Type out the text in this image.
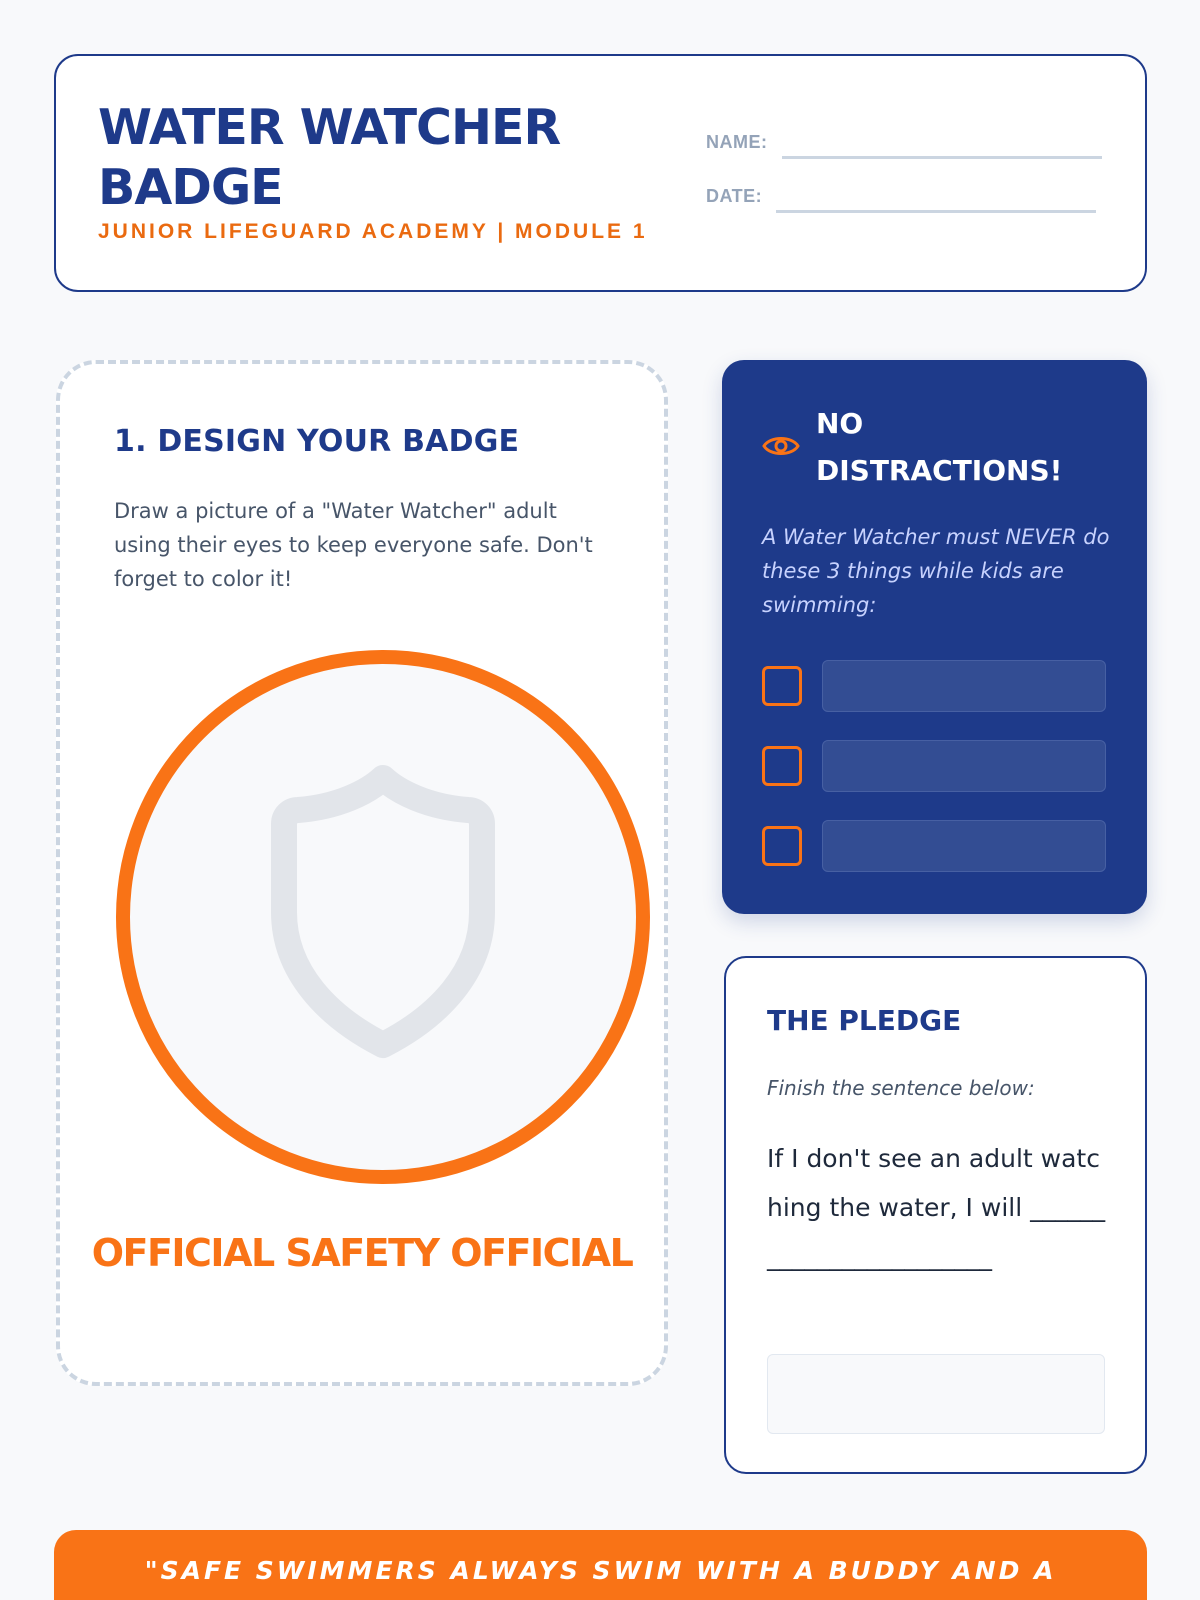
WATER WATCHER BADGE
JUNIOR LIFEGUARD ACADEMY | MODULE 1
NAME:
DATE:
1. DESIGN YOUR BADGE

Draw a picture of a "Water Watcher" adult using their eyes to keep everyone safe. Don't forget to color it!

OFFICIAL SAFETY OFFICIAL
NO DISTRACTIONS!
A Water Watcher must NEVER do these 3 things while kids are swimming:
THE PLEDGE
Finish the sentence below:
If I don't see an adult watching the water, I will ________________________
"SAFE SWIMMERS ALWAYS SWIM WITH A BUDDY AND A
